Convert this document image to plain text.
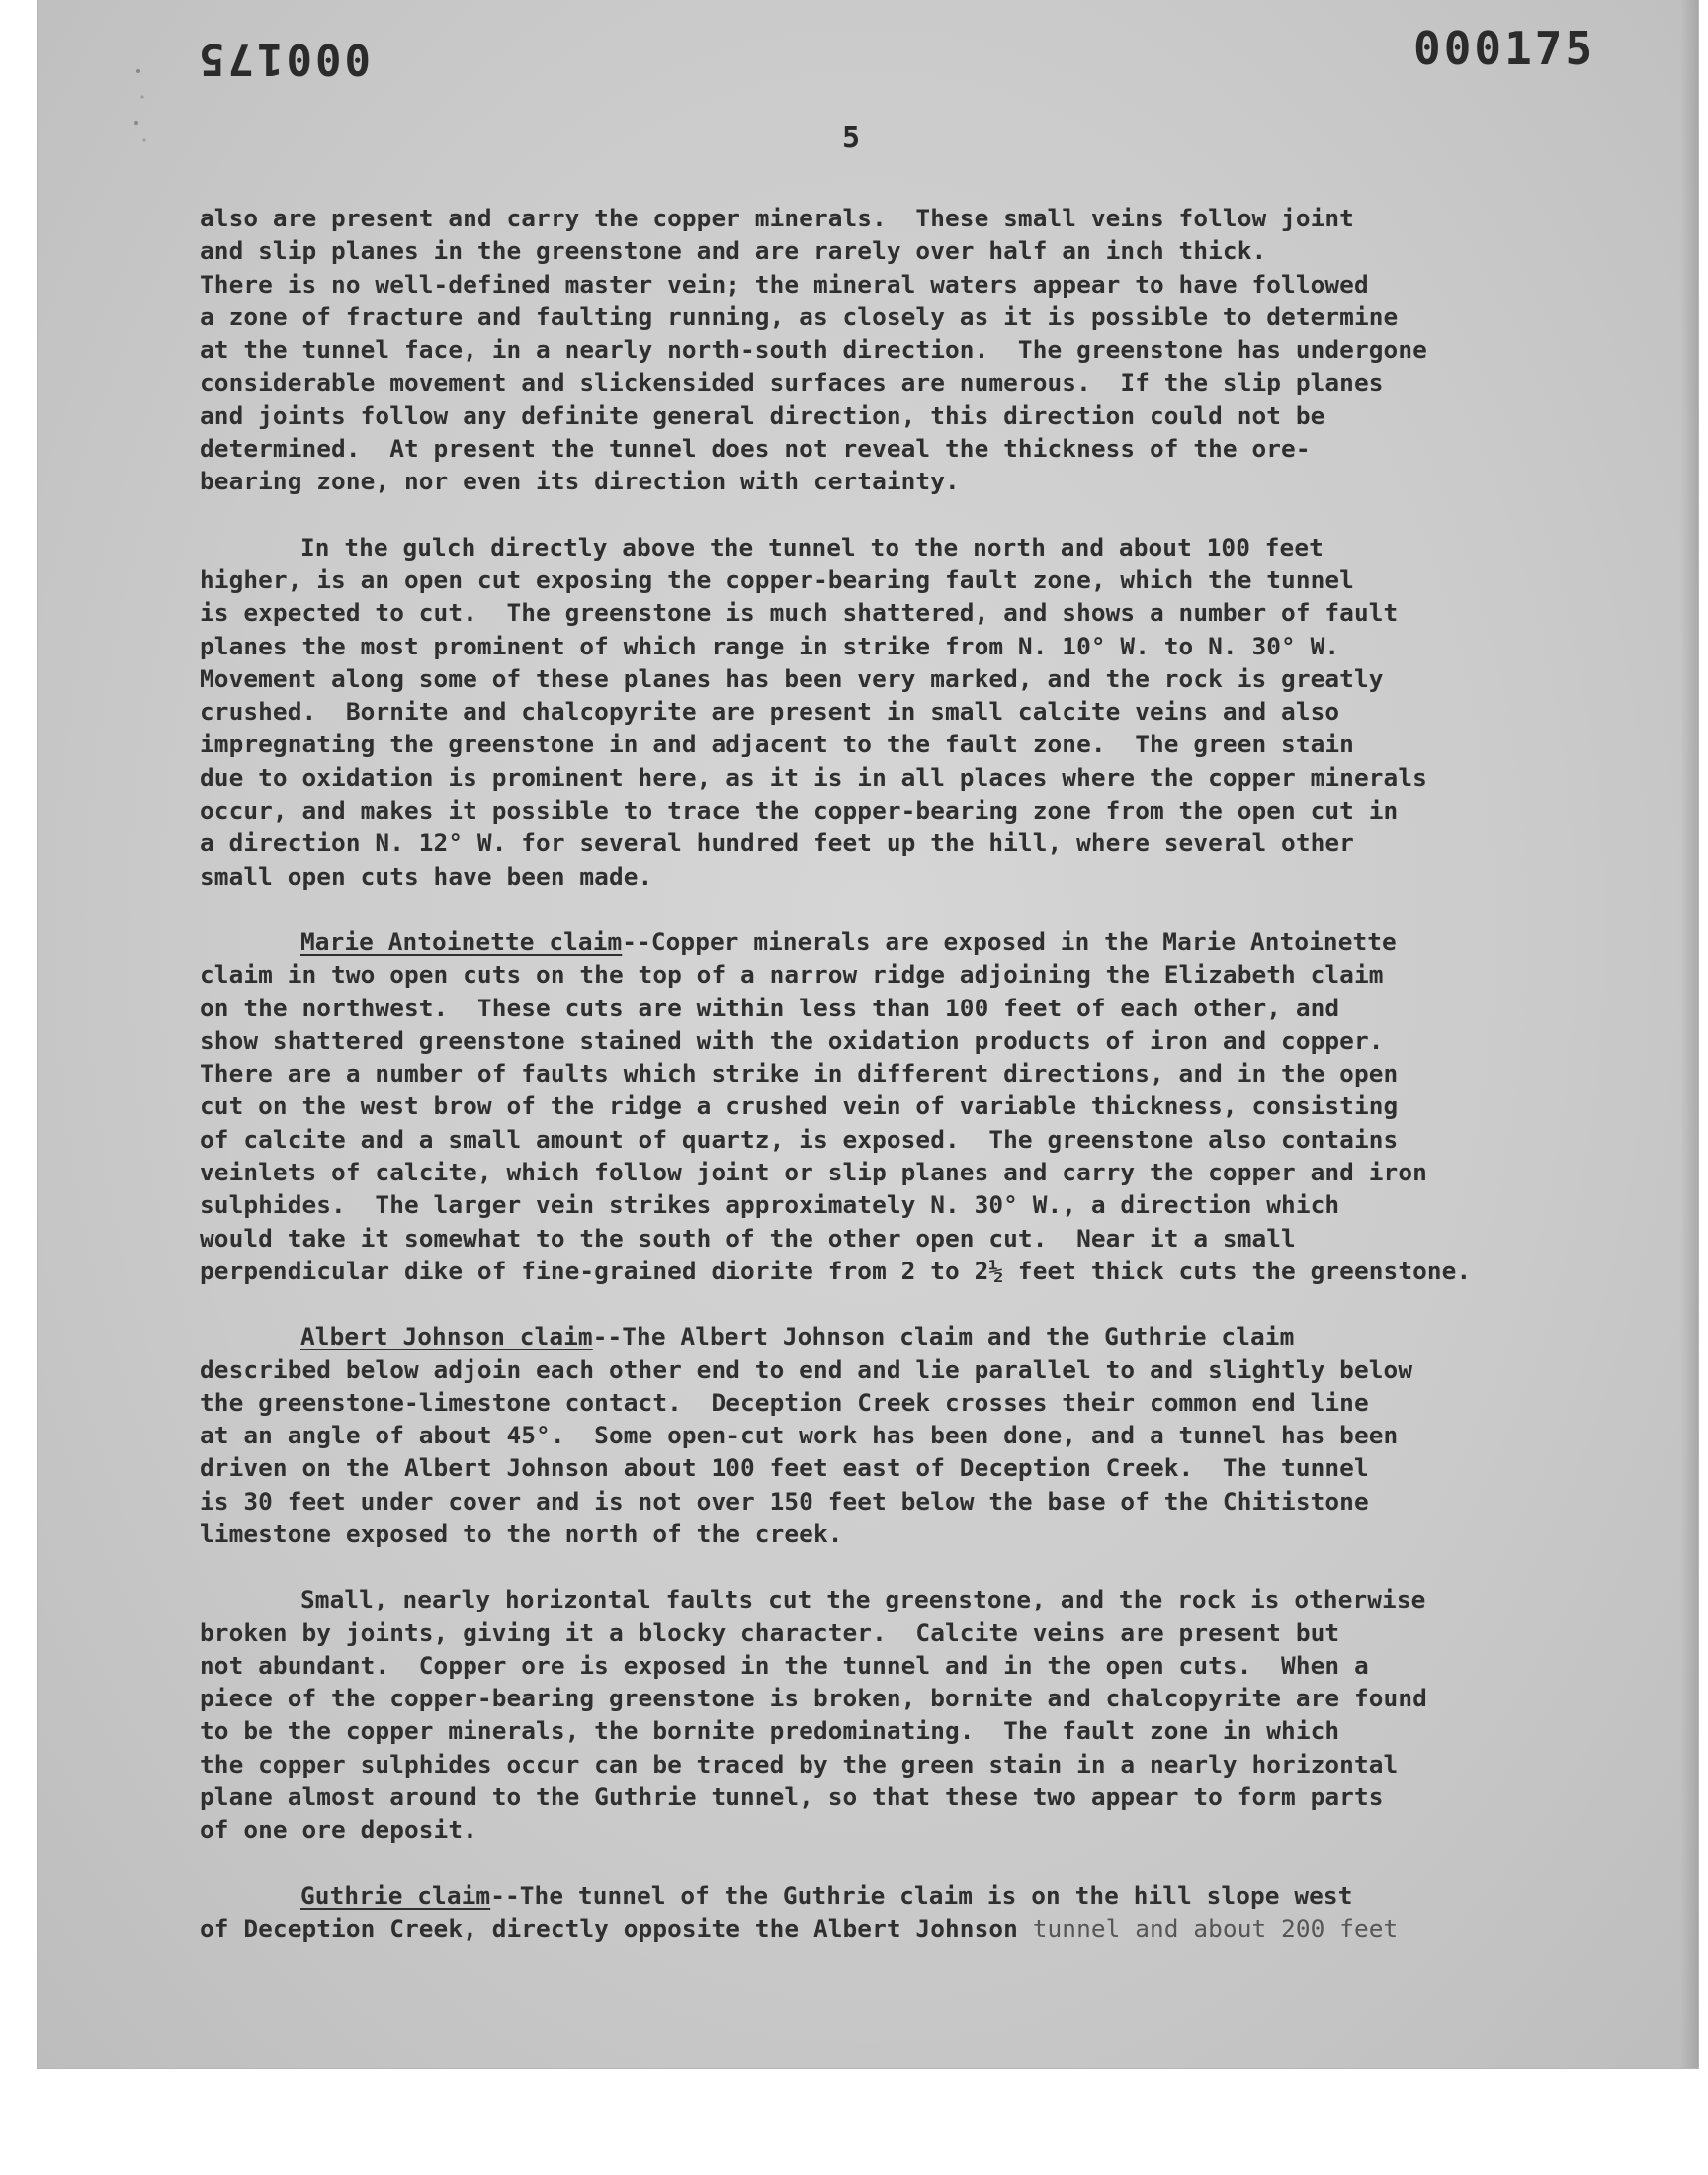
000175	000175
5
also are present and carry the copper minerals.  These small veins follow joint
and slip planes in the greenstone and are rarely over half an inch thick.
There is no well-defined master vein; the mineral waters appear to have followed
a zone of fracture and faulting running, as closely as it is possible to determine
at the tunnel face, in a nearly north-south direction.  The greenstone has undergone
considerable movement and slickensided surfaces are numerous.  If the slip planes
and joints follow any definite general direction, this direction could not be
determined.  At present the tunnel does not reveal the thickness of the ore-
bearing zone, nor even its direction with certainty.
In the gulch directly above the tunnel to the north and about 100 feet
higher, is an open cut exposing the copper-bearing fault zone, which the tunnel
is expected to cut.  The greenstone is much shattered, and shows a number of fault
planes the most prominent of which range in strike from N. 10° W. to N. 30° W.
Movement along some of these planes has been very marked, and the rock is greatly
crushed.  Bornite and chalcopyrite are present in small calcite veins and also
impregnating the greenstone in and adjacent to the fault zone.  The green stain
due to oxidation is prominent here, as it is in all places where the copper minerals
occur, and makes it possible to trace the copper-bearing zone from the open cut in
a direction N. 12° W. for several hundred feet up the hill, where several other
small open cuts have been made.
Marie Antoinette claim--Copper minerals are exposed in the Marie Antoinette
claim in two open cuts on the top of a narrow ridge adjoining the Elizabeth claim
on the northwest.  These cuts are within less than 100 feet of each other, and
show shattered greenstone stained with the oxidation products of iron and copper.
There are a number of faults which strike in different directions, and in the open
cut on the west brow of the ridge a crushed vein of variable thickness, consisting
of calcite and a small amount of quartz, is exposed.  The greenstone also contains
veinlets of calcite, which follow joint or slip planes and carry the copper and iron
sulphides.  The larger vein strikes approximately N. 30° W., a direction which
would take it somewhat to the south of the other open cut.  Near it a small
perpendicular dike of fine-grained diorite from 2 to 2½ feet thick cuts the greenstone.
Albert Johnson claim--The Albert Johnson claim and the Guthrie claim
described below adjoin each other end to end and lie parallel to and slightly below
the greenstone-limestone contact.  Deception Creek crosses their common end line
at an angle of about 45°.  Some open-cut work has been done, and a tunnel has been
driven on the Albert Johnson about 100 feet east of Deception Creek.  The tunnel
is 30 feet under cover and is not over 150 feet below the base of the Chitistone
limestone exposed to the north of the creek.
Small, nearly horizontal faults cut the greenstone, and the rock is otherwise
broken by joints, giving it a blocky character.  Calcite veins are present but
not abundant.  Copper ore is exposed in the tunnel and in the open cuts.  When a
piece of the copper-bearing greenstone is broken, bornite and chalcopyrite are found
to be the copper minerals, the bornite predominating.  The fault zone in which
the copper sulphides occur can be traced by the green stain in a nearly horizontal
plane almost around to the Guthrie tunnel, so that these two appear to form parts
of one ore deposit.
Guthrie claim--The tunnel of the Guthrie claim is on the hill slope west
of Deception Creek, directly opposite the Albert Johnson tunnel and about 200 feet
